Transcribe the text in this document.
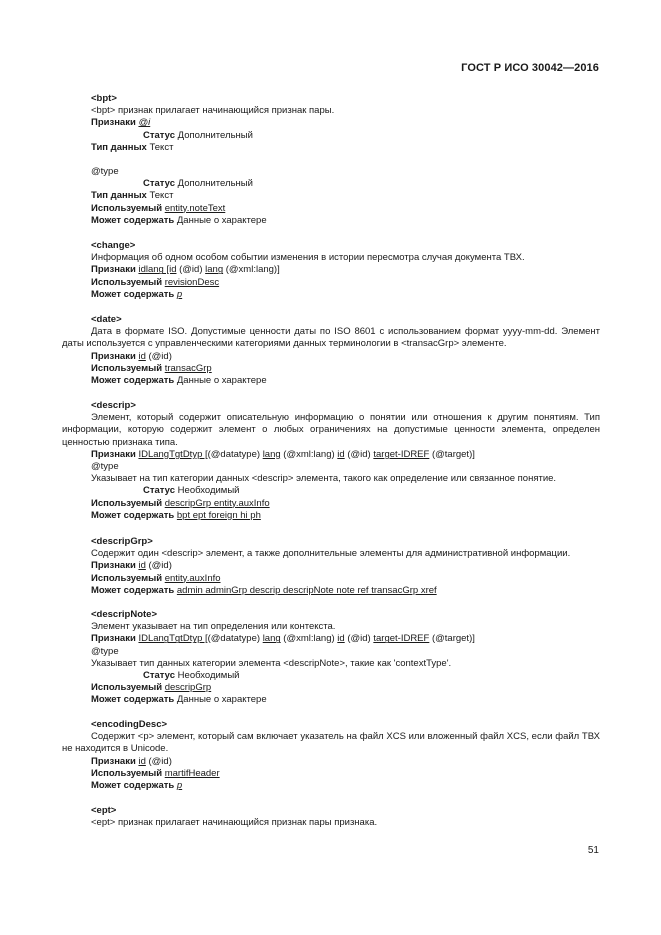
ГОСТ Р ИСО 30042—2016
<bpt>
<bpt> признак прилагает начинающийся признак пары.
Признаки @i
Статус Дополнительный
Тип данных Текст
@type
Статус Дополнительный
Тип данных Текст
Используемый entity.noteText
Может содержать Данные о характере
<change>
Информация об одном особом событии изменения в истории пересмотра случая документа ТВХ.
Признаки idlang [id (@id) lang (@xml:lang)]
Используемый revisionDesc
Может содержать p
<date>
Дата в формате ISO. Допустимые ценности даты по ISO 8601 с использованием формат yyyy-mm-dd. Элемент даты используется с управленческими категориями данных терминологии в <transacGrp> элементе.
Признаки id (@id)
Используемый transacGrp
Может содержать Данные о характере
<descrip>
Элемент, который содержит описательную информацию о понятии или отношения к другим понятиям. Тип информации, которую содержит элемент о любых ограничениях на допустимые ценности элемента, определен ценностью признака типа.
Признаки IDLangTgtDtyp [(@datatype) lang (@xml:lang) id (@id) target-IDREF (@target)]
@type
Указывает на тип категории данных <descrip> элемента, такого как определение или связанное понятие.
Статус Необходимый
Используемый descripGrp entity.auxInfo
Может содержать bpt ept foreign hi ph
<descripGrp>
Содержит один <descrip> элемент, а также дополнительные элементы для административной информации.
Признаки id (@id)
Используемый entity.auxInfo
Может содержать admin adminGrp descrip descripNote note ref transacGrp xref
<descripNote>
Элемент указывает на тип определения или контекста.
Признаки IDLangTgtDtyp [(@datatype) lang (@xml:lang) id (@id) target-IDREF (@target)]
@type
Указывает тип данных категории элемента <descripNote>, такие как 'contextType'.
Статус Необходимый
Используемый descripGrp
Может содержать Данные о характере
<encodingDesc>
Содержит <p> элемент, который сам включает указатель на файл XCS или вложенный файл XCS, если файл ТВХ не находится в Unicode.
Признаки id (@id)
Используемый martifHeader
Может содержать p
<ept>
<ept> признак прилагает начинающийся признак пары признака.
51
